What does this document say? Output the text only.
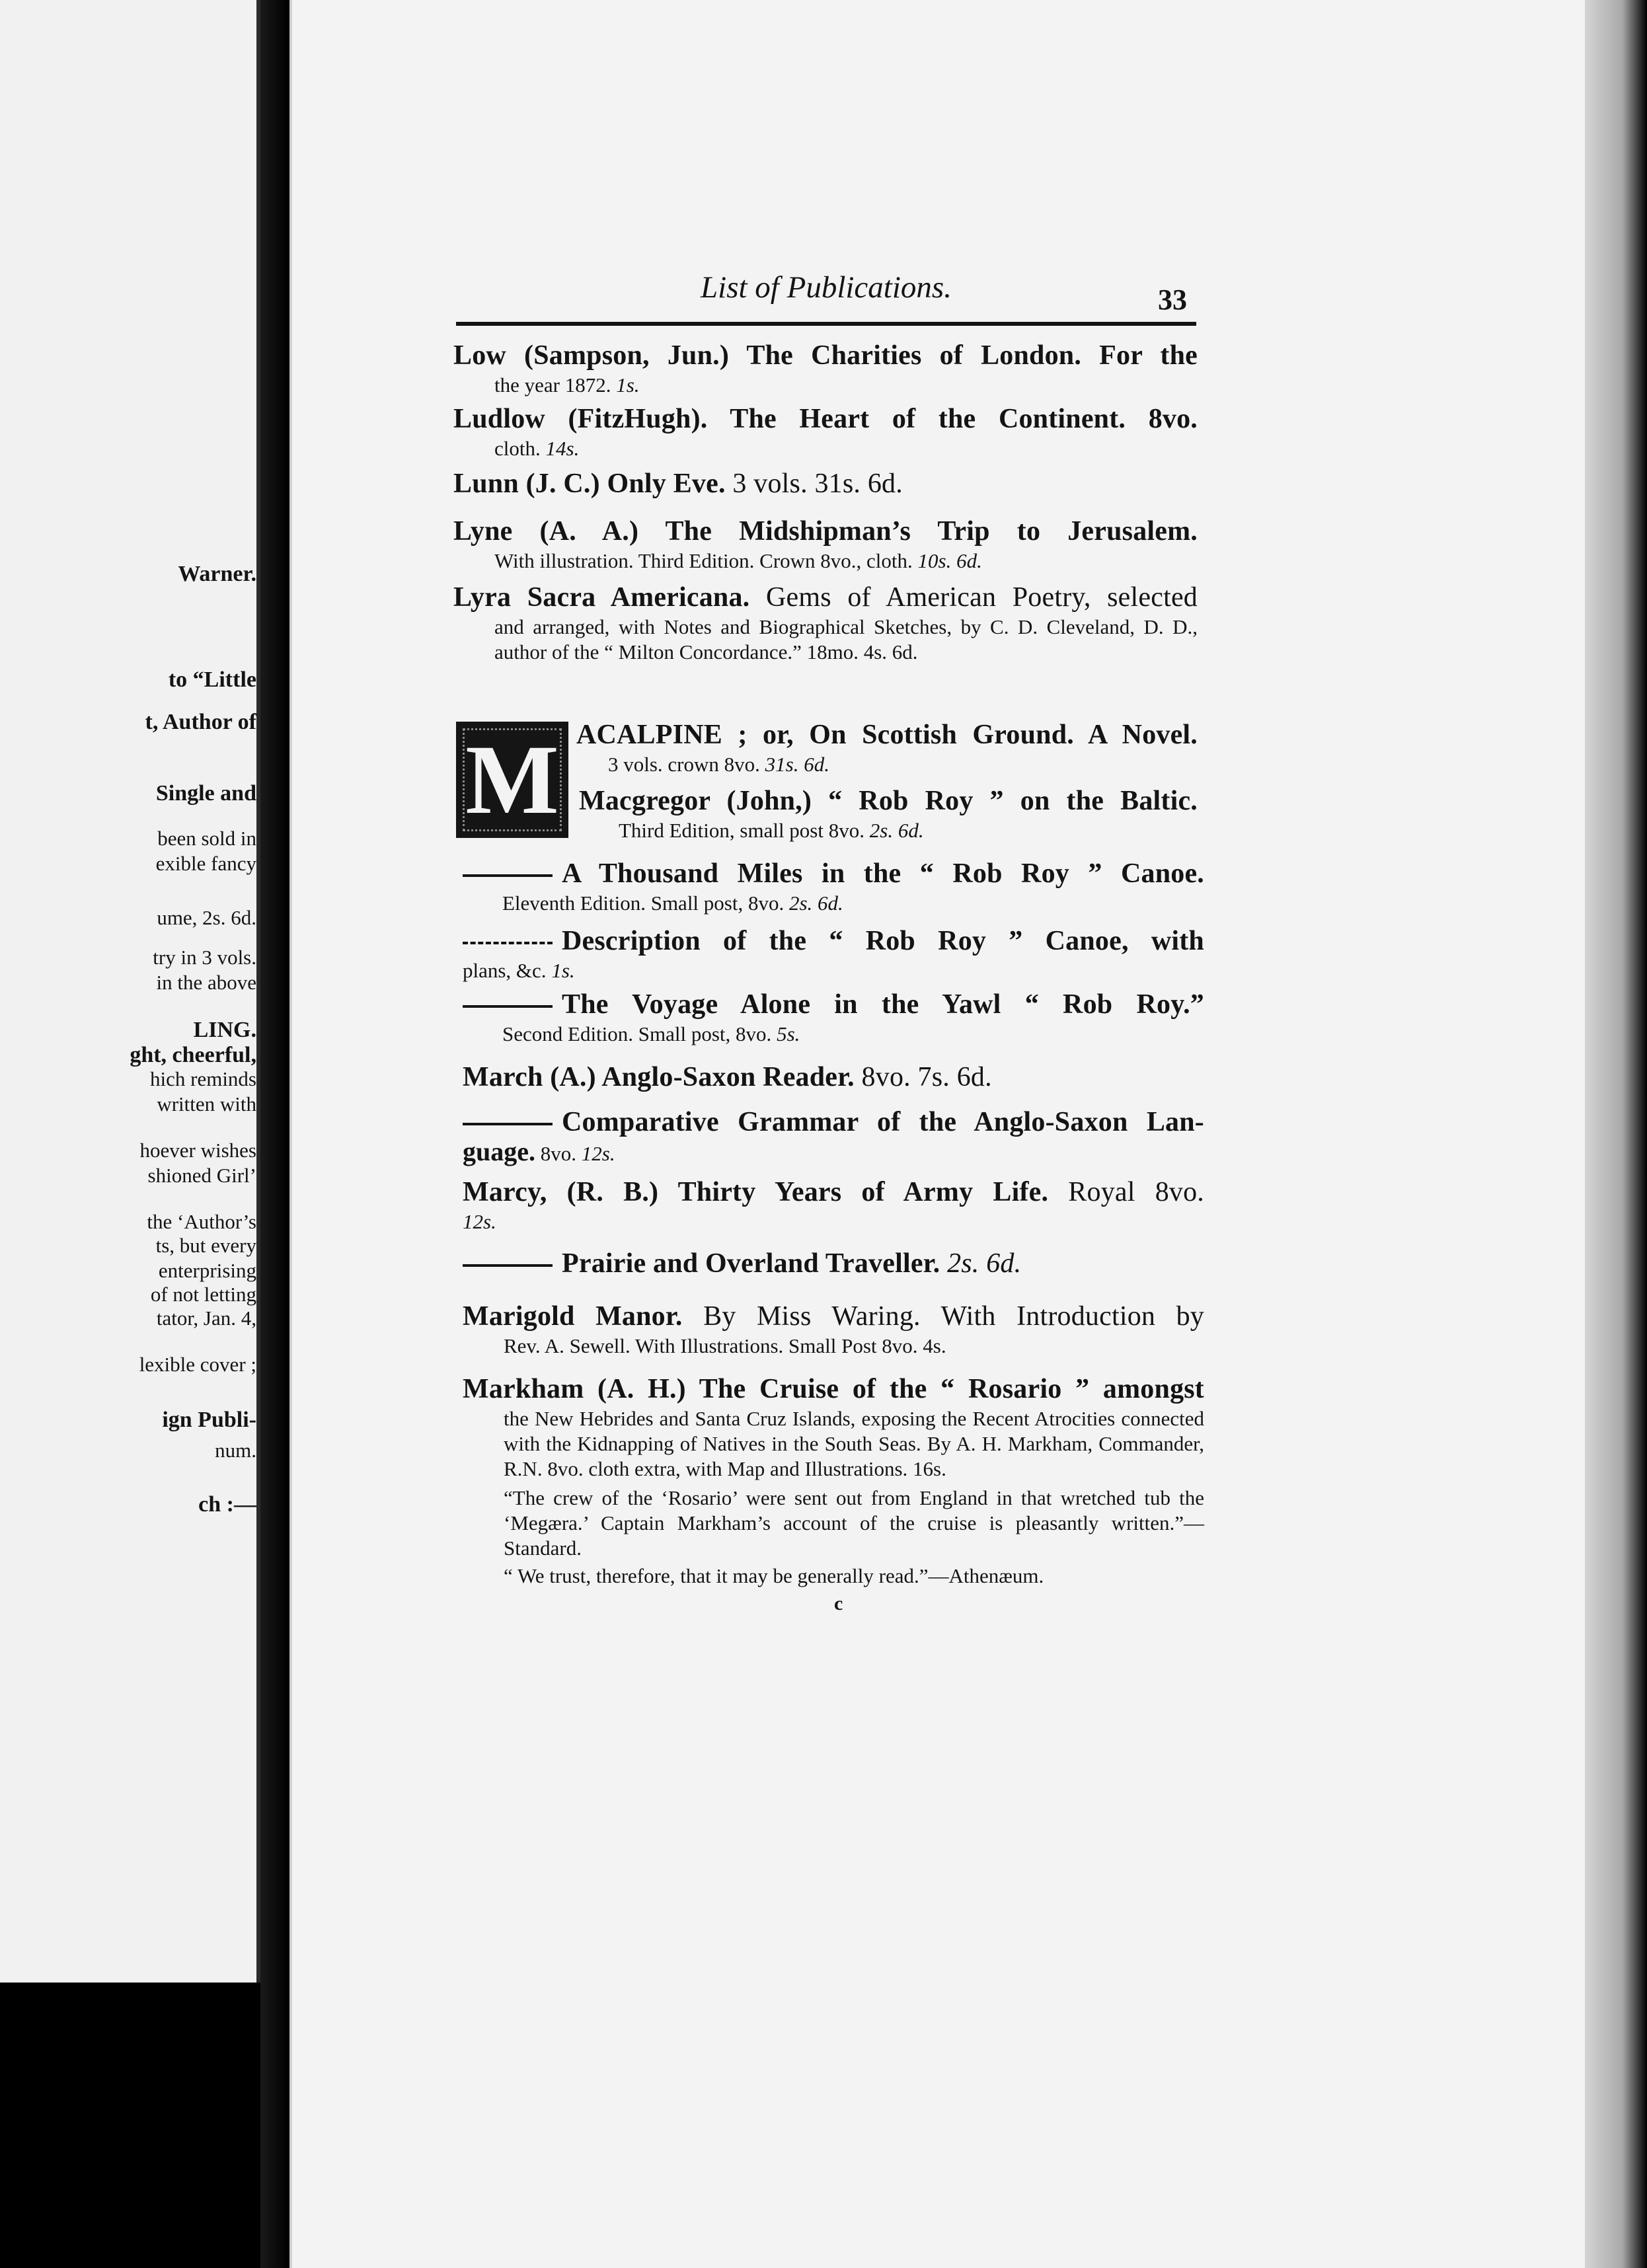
Warner.
to “Little
t, Author of
Single and
been sold in
exible fancy
ume, 2s. 6d.
try in 3 vols.
in the above
LING.
ght, cheerful,
hich reminds
written with
hoever wishes
shioned Girl’
the ‘Author’s
ts, but every
enterprising
of not letting
tator, Jan. 4,
lexible cover ;
ign Publi-
num.
ch :—
List of Publications.	33
Low (Sampson, Jun.) The Charities of London. For the
the year 1872. 1s.
Ludlow (FitzHugh). The Heart of the Continent. 8vo.
cloth. 14s.
Lunn (J. C.) Only Eve. 3 vols. 31s. 6d.
Lyne (A. A.) The Midshipman’s Trip to Jerusalem.
With illustration. Third Edition. Crown 8vo., cloth. 10s. 6d.
Lyra Sacra Americana. Gems of American Poetry, selected
and arranged, with Notes and Biographical Sketches, by C. D. Cleveland, D. D., author of the “ Milton Concordance.” 18mo. 4s. 6d.
M ACALPINE ; or, On Scottish Ground. A Novel.
3 vols. crown 8vo. 31s. 6d.
Macgregor (John,) “ Rob Roy ” on the Baltic.
Third Edition, small post 8vo. 2s. 6d.
A Thousand Miles in the “ Rob Roy ” Canoe.
Eleventh Edition. Small post, 8vo. 2s. 6d.
Description of the “ Rob Roy ” Canoe, with
plans, &c. 1s.
The Voyage Alone in the Yawl “ Rob Roy.”
Second Edition. Small post, 8vo. 5s.
March (A.) Anglo-Saxon Reader. 8vo. 7s. 6d.
Comparative Grammar of the Anglo-Saxon Lan-
guage. 8vo. 12s.
Marcy, (R. B.) Thirty Years of Army Life. Royal 8vo.
12s.
Prairie and Overland Traveller. 2s. 6d.
Marigold Manor. By Miss Waring. With Introduction by
Rev. A. Sewell. With Illustrations. Small Post 8vo. 4s.
Markham (A. H.) The Cruise of the “ Rosario ” amongst
the New Hebrides and Santa Cruz Islands, exposing the Recent Atrocities connected with the Kidnapping of Natives in the South Seas. By A. H. Markham, Commander, R.N. 8vo. cloth extra, with Map and Illustrations. 16s.
“The crew of the ‘Rosario’ were sent out from England in that wretched tub the ‘Megæra.’ Captain Markham’s account of the cruise is pleasantly written.”—Standard.
“ We trust, therefore, that it may be generally read.”—Athenæum.
c
